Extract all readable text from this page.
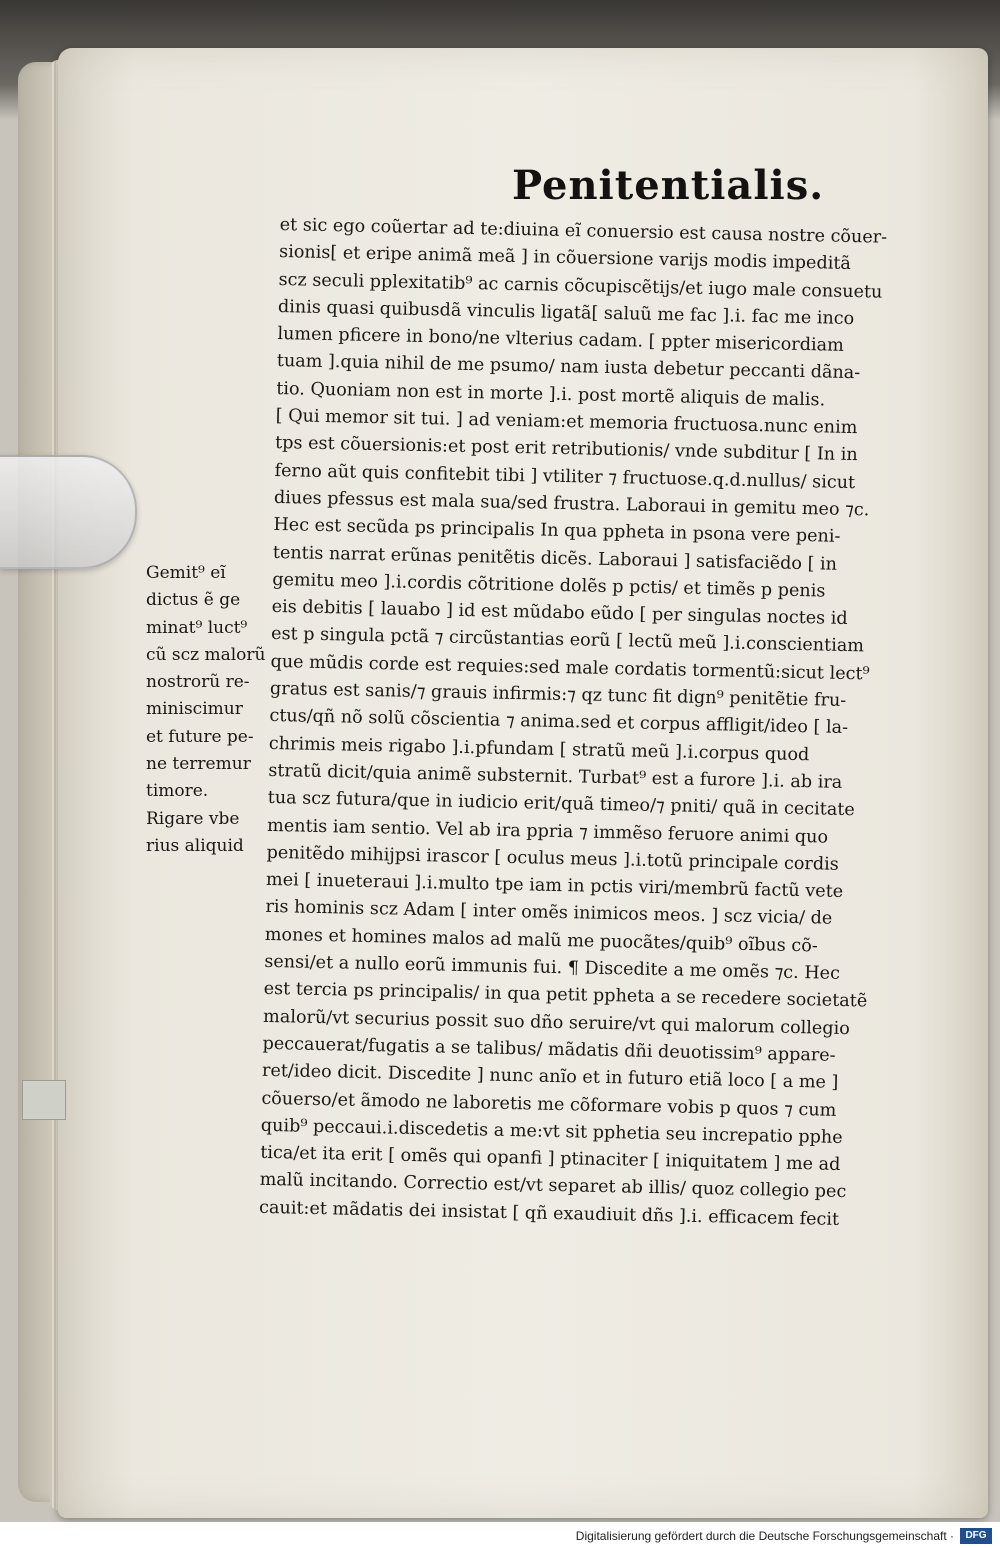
Penitentialis.
et sic ego coũertar ad te:diuina eĩ conuersio est causa nostre cõuer-
sionis[ et eripe animã meã ] in cõuersione varijs modis impeditã
scz seculi pplexitatib⁹ ac carnis cõcupiscẽtijs/et iugo male consuetu
dinis quasi quibusdã vinculis ligatã[ saluũ me fac ].i. fac me inco
lumen pficere in bono/ne vlterius cadam. [ ppter misericordiam
tuam ].quia nihil de me psumo/ nam iusta debetur peccanti dãna-
tio. Quoniam non est in morte ].i. post mortẽ aliquis de malis.
[ Qui memor sit tui. ] ad veniam:et memoria fructuosa.nunc enim
tps est cõuersionis:et post erit retributionis/ vnde subditur [ In in
ferno aũt quis confitebit tibi ] vtiliter ⁊ fructuose.q.d.nullus/ sicut
diues pfessus est mala sua/sed frustra. Laboraui in gemitu meo ⁊c.
Hec est secũda ps principalis In qua ppheta in psona vere peni-
tentis narrat erũnas penitẽtis dicẽs. Laboraui ] satisfaciẽdo [ in
gemitu meo ].i.cordis cõtritione dolẽs p pctis/ et timẽs p penis
eis debitis [ lauabo ] id est mũdabo eũdo [ per singulas noctes id
est p singula pctã ⁊ circũstantias eorũ [ lectũ meũ ].i.conscientiam
que mũdis corde est requies:sed male cordatis tormentũ:sicut lect⁹
gratus est sanis/⁊ grauis infirmis:⁊ qz tunc fit dign⁹ penitẽtie fru-
ctus/qñ nõ solũ cõscientia ⁊ anima.sed et corpus affligit/ideo [ la-
chrimis meis rigabo ].i.pfundam [ stratũ meũ ].i.corpus quod
stratũ dicit/quia animẽ substernit. Turbat⁹ est a furore ].i. ab ira
tua scz futura/que in iudicio erit/quã timeo/⁊ pniti/ quã in cecitate
mentis iam sentio. Vel ab ira ppria ⁊ immẽso feruore animi quo
penitẽdo mihijpsi irascor [ oculus meus ].i.totũ principale cordis
mei [ inueteraui ].i.multo tpe iam in pctis viri/membrũ factũ vete
ris hominis scz Adam [ inter omẽs inimicos meos. ] scz vicia/ de
mones et homines malos ad malũ me puocãtes/quib⁹ oĩbus cõ-
sensi/et a nullo eorũ immunis fui. ¶ Discedite a me omẽs ⁊c. Hec
est tercia ps principalis/ in qua petit ppheta a se recedere societatẽ
malorũ/vt securius possit suo dño seruire/vt qui malorum collegio
peccauerat/fugatis a se talibus/ mãdatis dñi deuotissim⁹ appare-
ret/ideo dicit. Discedite ] nunc anĩo et in futuro etiã loco [ a me ]
cõuerso/et ãmodo ne laboretis me cõformare vobis p quos ⁊ cum
quib⁹ peccaui.i.discedetis a me:vt sit pphetia seu increpatio pphe
tica/et ita erit [ omẽs qui opanfi ] ptinaciter [ iniquitatem ] me ad
malũ incitando. Correctio est/vt separet ab illis/ quoz collegio pec
cauit:et mãdatis dei insistat [ qñ exaudiuit dñs ].i. efficacem fecit
Gemit⁹ eĩ
dictus ẽ ge
minat⁹ luct⁹
cũ scz malorũ
nostrorũ re-
miniscimur
et future pe-
ne terremur
timore.
Rigare vbe
rius aliquid
Digitalisierung gefördert durch die Deutsche Forschungsgemeinschaft ·	DFG
